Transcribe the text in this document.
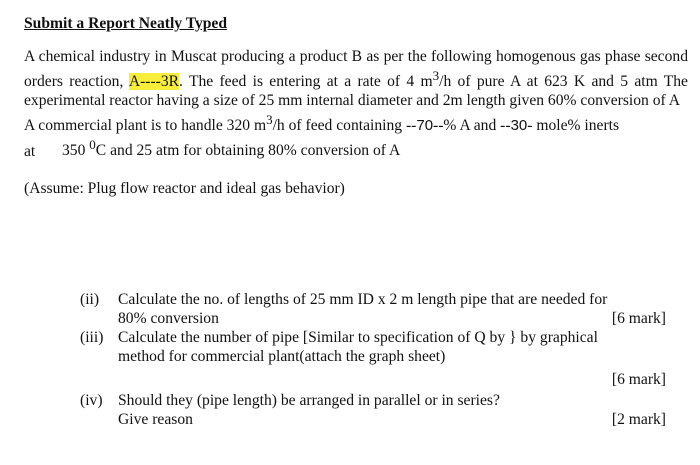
Submit a Report Neatly Typed

A chemical industry in Muscat producing a product B as per the following homogenous gas phase second orders reaction, A----3R. The feed is entering at a rate of 4 $m^3/h$ of pure A at 623 K and 5 atm The experimental reactor having a size of 25 mm internal diameter and 2m length given 60% conversion of A

A commercial plant is to handle 320 $m^3/h$ of feed containing --70--% A and --30- mole% inerts

at 350 $^0$C and 25 atm for obtaining 80% conversion of A

(Assume: Plug flow reactor and ideal gas behavior)

(ii)	Calculate the no. of lengths of 25 mm ID x 2 m length pipe that are needed for
80% conversion	[6 mark]
(iii) Calculate the number of pipe [Similar to specification of Q by } by graphical
method for commercial plant(attach the graph sheet)
[6 mark]
(iv) Should they (pipe length) be arranged in parallel or in series?
Give reason	[2 mark]
